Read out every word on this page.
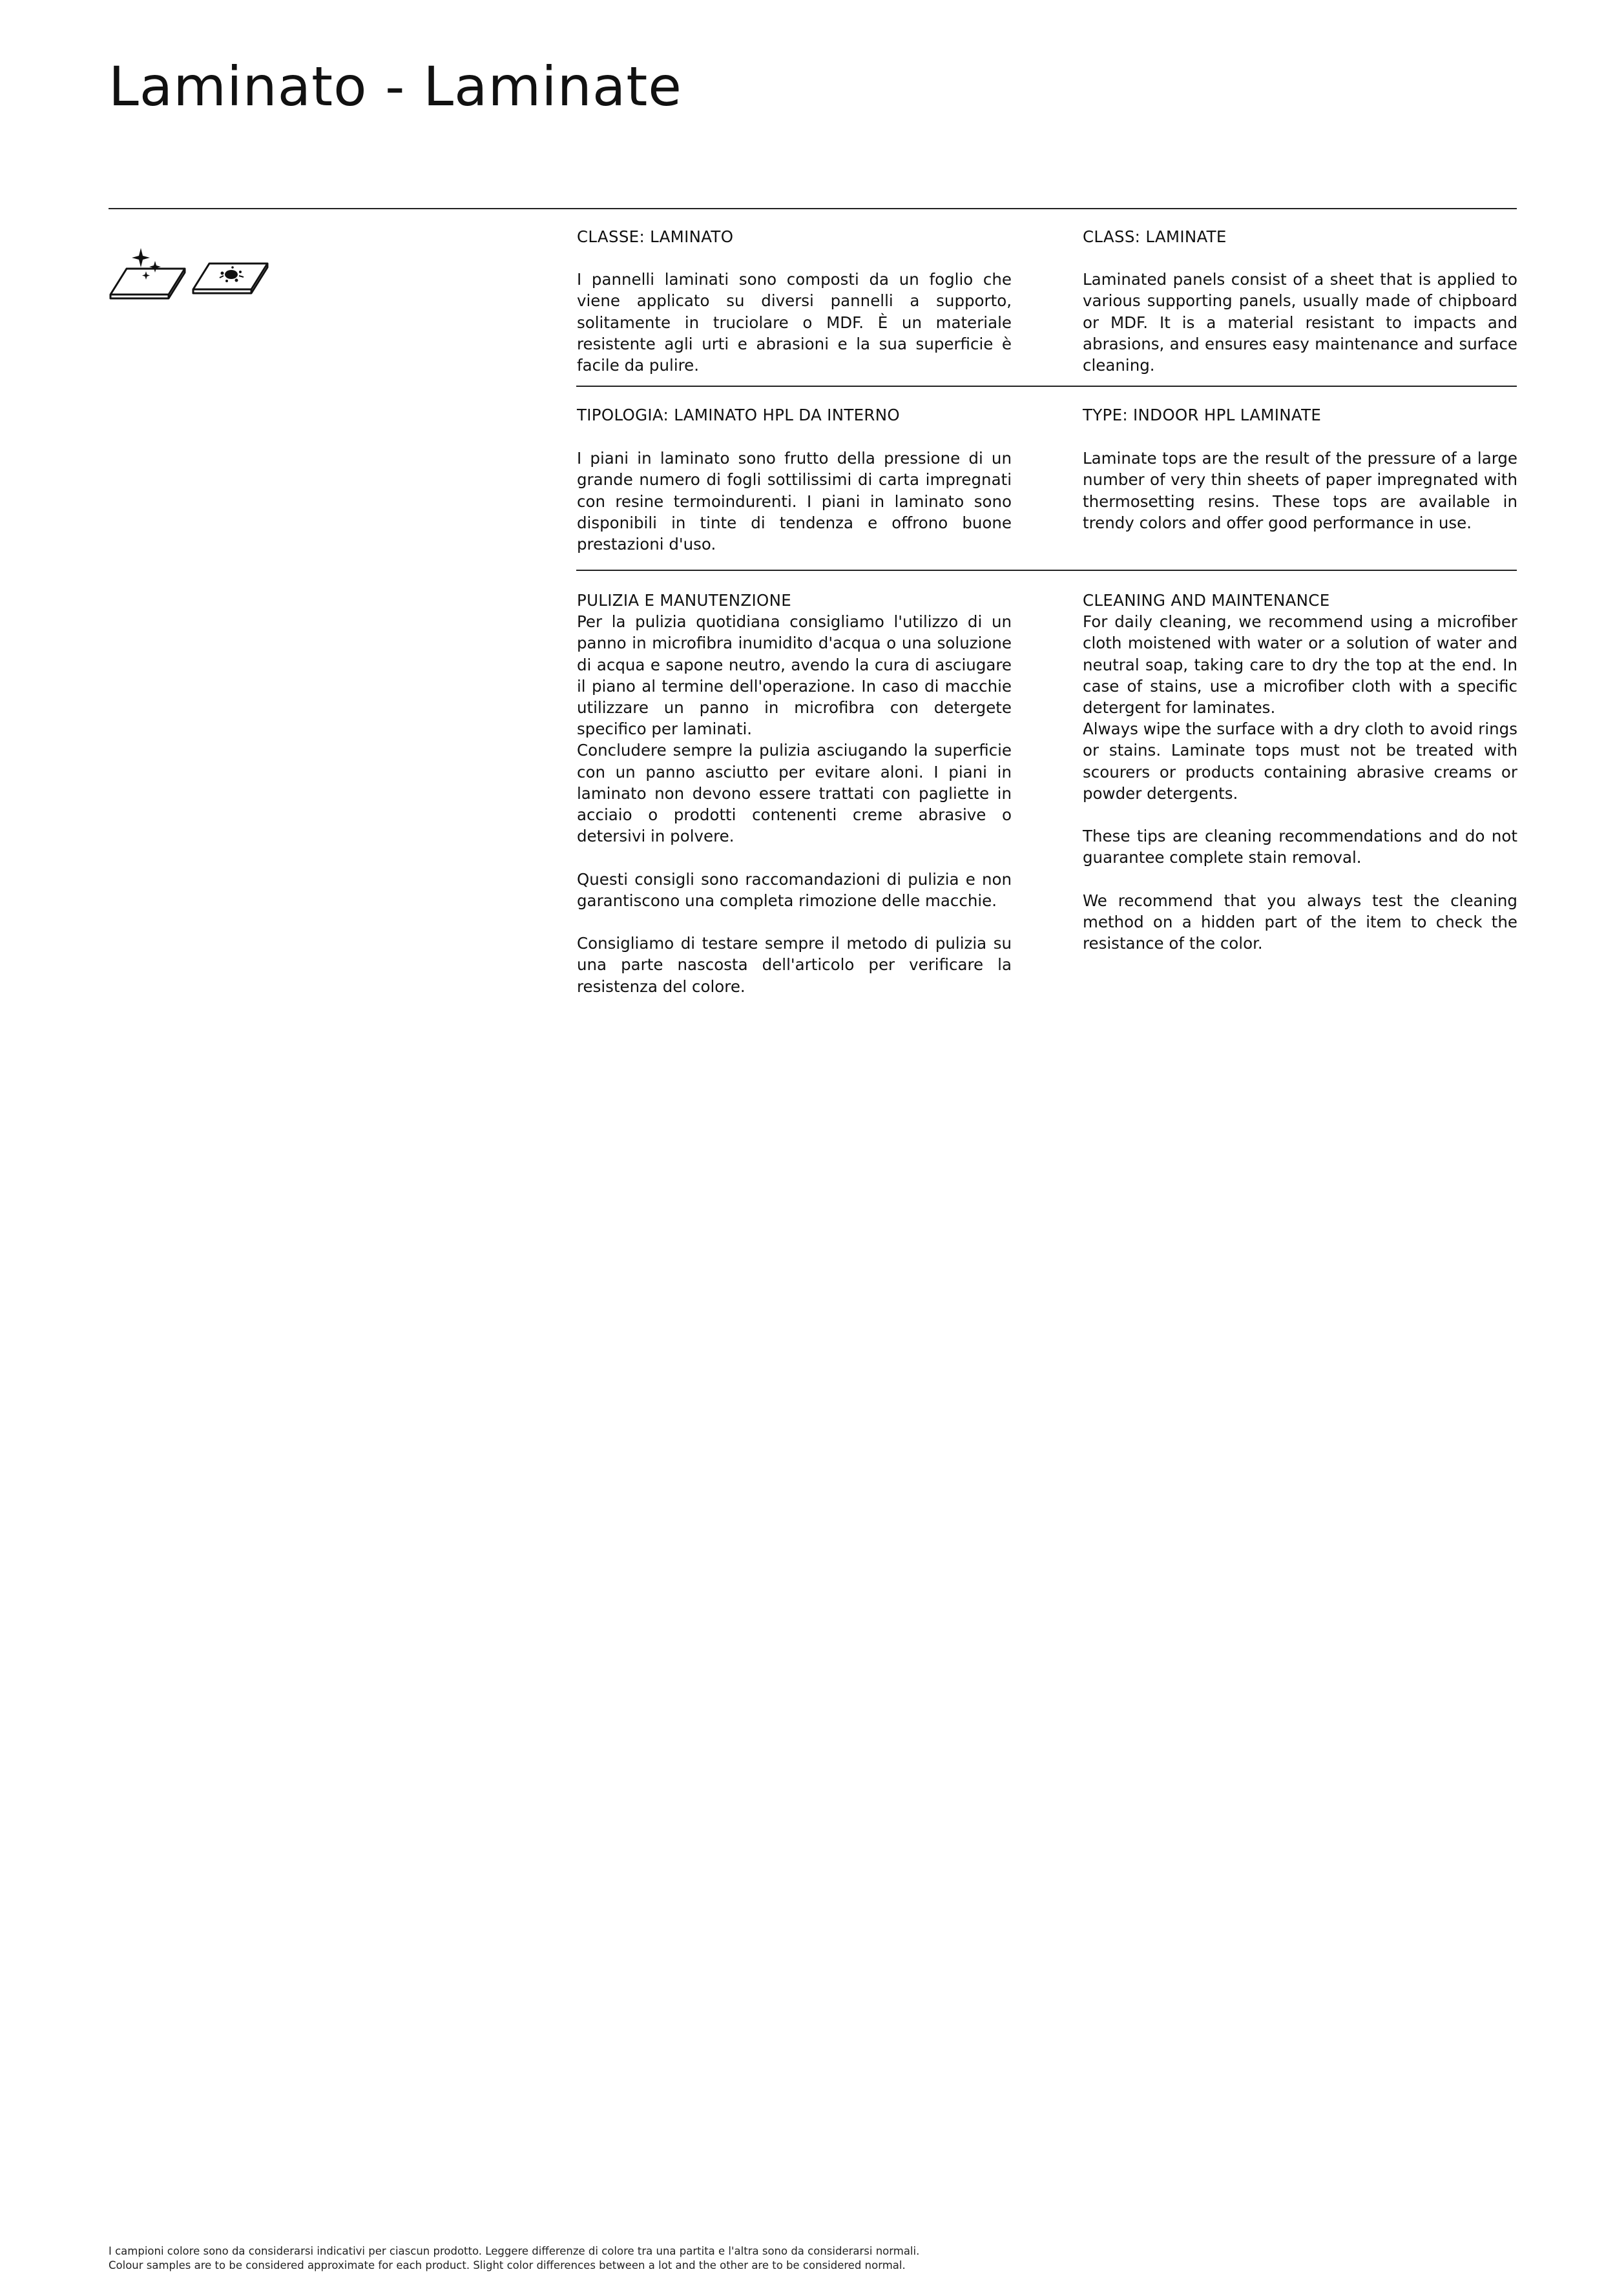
Laminato - Laminate
CLASSE: LAMINATO

I pannelli laminati sono composti da un foglio che viene applicato su diversi pannelli a supporto, solitamente in truciolare o MDF. È un materiale resistente agli urti e abrasioni e la sua superficie è facile da pulire.

CLASS: LAMINATE

Laminated panels consist of a sheet that is applied to various supporting panels, usually made of chipboard or MDF. It is a material resistant to impacts and abrasions, and ensures easy maintenance and surface cleaning.

TIPOLOGIA: LAMINATO HPL DA INTERNO

I piani in laminato sono frutto della pressione di un grande numero di fogli sottilissimi di carta impregnati con resine termoindurenti. I piani in laminato sono disponibili in tinte di tendenza e offrono buone prestazioni d'uso.

TYPE: INDOOR HPL LAMINATE

Laminate tops are the result of the pressure of a large number of very thin sheets of paper impregnated with thermosetting resins. These tops are available in trendy colors and offer good performance in use.

PULIZIA E MANUTENZIONE

Per la pulizia quotidiana consigliamo l'utilizzo di un panno in microfibra inumidito d'acqua o una soluzione di acqua e sapone neutro, avendo la cura di asciugare il piano al termine dell'operazione. In caso di macchie utilizzare un panno in microfibra con detergete specifico per laminati.

Concludere sempre la pulizia asciugando la superficie con un panno asciutto per evitare aloni. I piani in laminato non devono essere trattati con pagliette in acciaio o prodotti contenenti creme abrasive o detersivi in polvere.

Questi consigli sono raccomandazioni di pulizia e non garantiscono una completa rimozione delle macchie.

Consigliamo di testare sempre il metodo di pulizia su una parte nascosta dell'articolo per verificare la resistenza del colore.

CLEANING AND MAINTENANCE

For daily cleaning, we recommend using a microfiber cloth moistened with water or a solution of water and neutral soap, taking care to dry the top at the end. In case of stains, use a microfiber cloth with a specific detergent for laminates.

Always wipe the surface with a dry cloth to avoid rings or stains. Laminate tops must not be treated with scourers or products containing abrasive creams or powder detergents.

These tips are cleaning recommendations and do not guarantee complete stain removal.

We recommend that you always test the cleaning method on a hidden part of the item to check the resistance of the color.

I campioni colore sono da considerarsi indicativi per ciascun prodotto. Leggere differenze di colore tra una partita e l'altra sono da considerarsi normali.

Colour samples are to be considered approximate for each product. Slight color differences between a lot and the other are to be considered normal.
